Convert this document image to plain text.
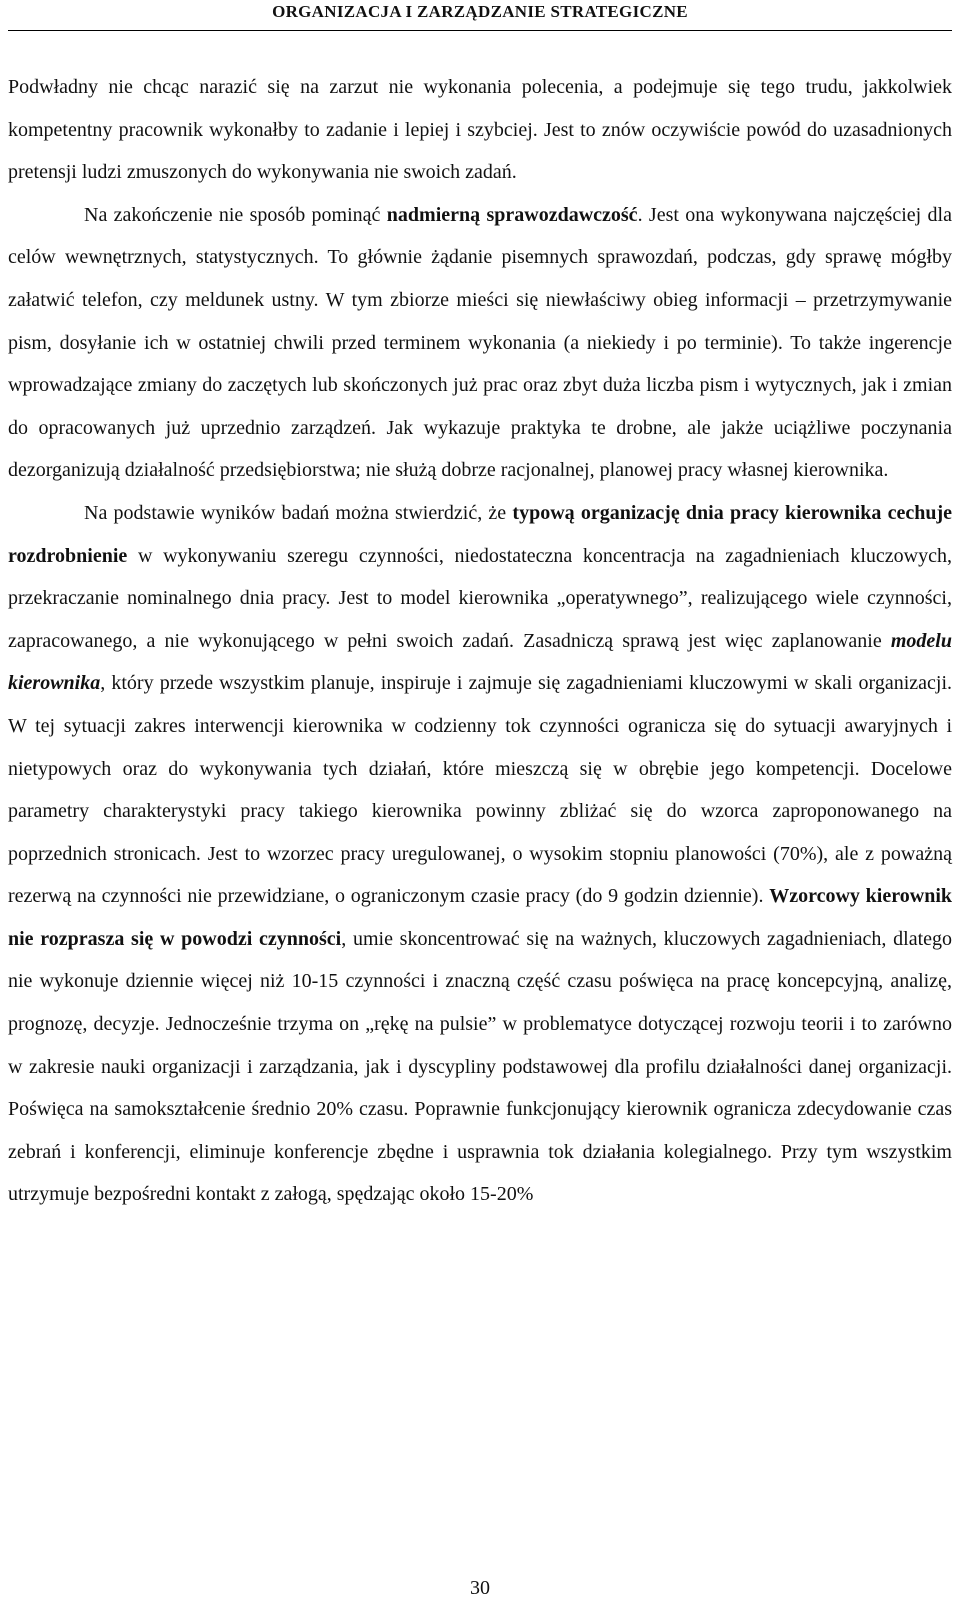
ORGANIZACJA I ZARZĄDZANIE STRATEGICZNE

Podwładny nie chcąc narazić się na zarzut nie wykonania polecenia, a podejmuje się tego trudu, jakkolwiek kompetentny pracownik wykonałby to zadanie i lepiej i szybciej. Jest to znów oczywiście powód do uzasadnionych pretensji ludzi zmuszonych do wykonywania nie swoich zadań.

Na zakończenie nie sposób pominąć nadmierną sprawozdawczość. Jest ona wykonywana najczęściej dla celów wewnętrznych, statystycznych. To głównie żądanie pisemnych sprawozdań, podczas, gdy sprawę mógłby załatwić telefon, czy meldunek ustny. W tym zbiorze mieści się niewłaściwy obieg informacji – przetrzymywanie pism, dosyłanie ich w ostatniej chwili przed terminem wykonania (a niekiedy i po terminie). To także ingerencje wprowadzające zmiany do zaczętych lub skończonych już prac oraz zbyt duża liczba pism i wytycznych, jak i zmian do opracowanych już uprzednio zarządzeń. Jak wykazuje praktyka te drobne, ale jakże uciążliwe poczynania dezorganizują działalność przedsiębiorstwa; nie służą dobrze racjonalnej, planowej pracy własnej kierownika.

Na podstawie wyników badań można stwierdzić, że typową organizację dnia pracy kierownika cechuje rozdrobnienie w wykonywaniu szeregu czynności, niedostateczna koncentracja na zagadnieniach kluczowych, przekraczanie nominalnego dnia pracy. Jest to model kierownika „operatywnego”, realizującego wiele czynności, zapracowanego, a nie wykonującego w pełni swoich zadań. Zasadniczą sprawą jest więc zaplanowanie modelu kierownika, który przede wszystkim planuje, inspiruje i zajmuje się zagadnieniami kluczowymi w skali organizacji. W tej sytuacji zakres interwencji kierownika w codzienny tok czynności ogranicza się do sytuacji awaryjnych i nietypowych oraz do wykonywania tych działań, które mieszczą się w obrębie jego kompetencji. Docelowe parametry charakterystyki pracy takiego kierownika powinny zbliżać się do wzorca zaproponowanego na poprzednich stronicach. Jest to wzorzec pracy uregulowanej, o wysokim stopniu planowości (70%), ale z poważną rezerwą na czynności nie przewidziane, o ograniczonym czasie pracy (do 9 godzin dziennie). Wzorcowy kierownik nie rozprasza się w powodzi czynności, umie skoncentrować się na ważnych, kluczowych zagadnieniach, dlatego nie wykonuje dziennie więcej niż 10-15 czynności i znaczną część czasu poświęca na pracę koncepcyjną, analizę, prognozę, decyzje. Jednocześnie trzyma on „rękę na pulsie” w problematyce dotyczącej rozwoju teorii i to zarówno w zakresie nauki organizacji i zarządzania, jak i dyscypliny podstawowej dla profilu działalności danej organizacji. Poświęca na samokształcenie średnio 20% czasu. Poprawnie funkcjonujący kierownik ogranicza zdecydowanie czas zebrań i konferencji, eliminuje konferencje zbędne i usprawnia tok działania kolegialnego. Przy tym wszystkim utrzymuje bezpośredni kontakt z załogą, spędzając około 15-20%

30
